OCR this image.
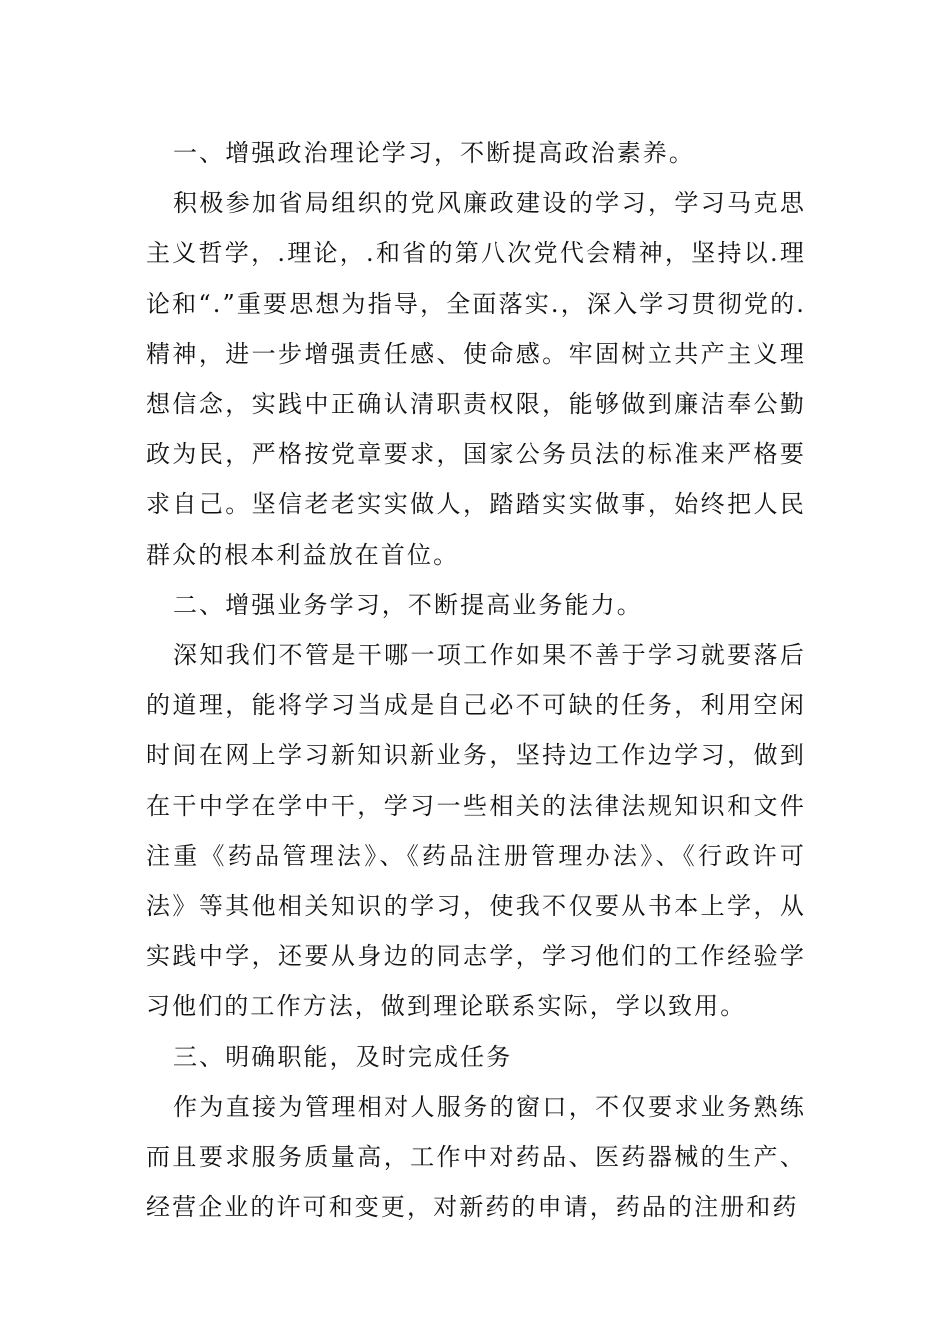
一、增强政治理论学习，不断提高政治素养。

积极参加省局组织的党风廉政建设的学习，学习马克思主义哲学，.理论，.和省的第八次党代会精神，坚持以.理论和“.”重要思想为指导，全面落实.，深入学习贯彻党的.精神，进一步增强责任感、使命感。牢固树立共产主义理想信念，实践中正确认清职责权限，能够做到廉洁奉公勤政为民，严格按党章要求，国家公务员法的标准来严格要求自己。坚信老老实实做人，踏踏实实做事，始终把人民群众的根本利益放在首位。

二、增强业务学习，不断提高业务能力。

深知我们不管是干哪一项工作如果不善于学习就要落后的道理，能将学习当成是自己必不可缺的任务，利用空闲时间在网上学习新知识新业务，坚持边工作边学习，做到在干中学在学中干，学习一些相关的法律法规知识和文件注重《药品管理法》、《药品注册管理办法》、《行政许可法》等其他相关知识的学习，使我不仅要从书本上学，从实践中学，还要从身边的同志学，学习他们的工作经验学习他们的工作方法，做到理论联系实际，学以致用。

三、明确职能，及时完成任务

作为直接为管理相对人服务的窗口，不仅要求业务熟练而且要求服务质量高，工作中对药品、医药器械的生产、经营企业的许可和变更，对新药的申请，药品的注册和药
